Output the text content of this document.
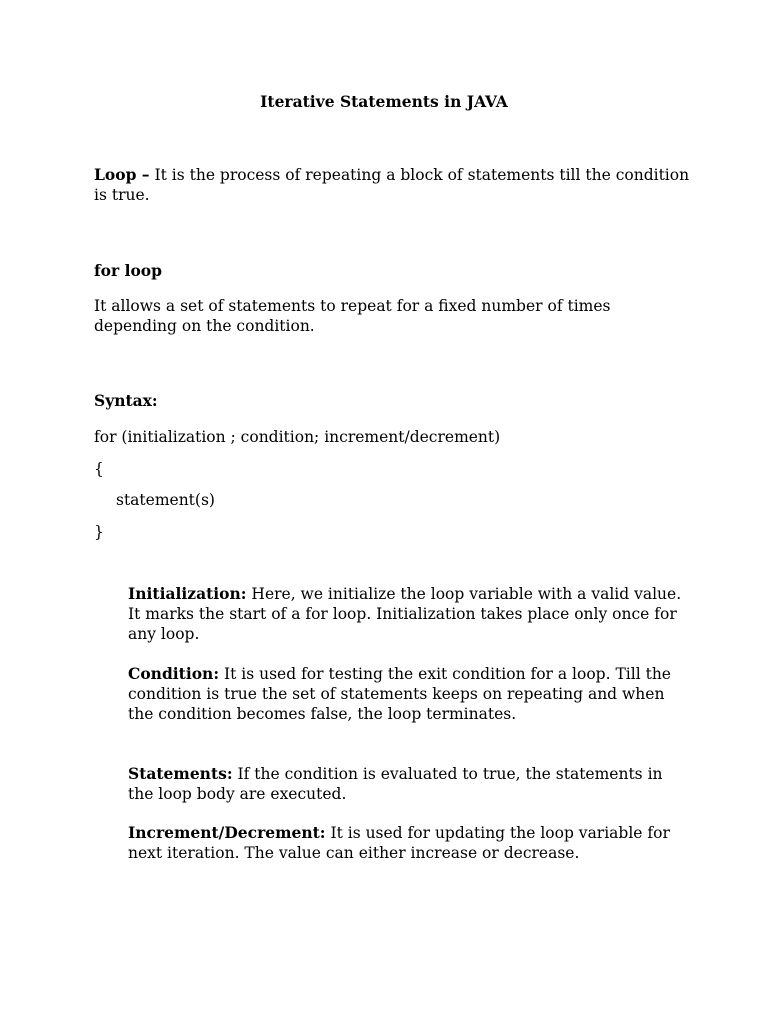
Iterative Statements in JAVA
Loop – It is the process of repeating a block of statements till the condition is true.
for loop
It allows a set of statements to repeat for a fixed number of times depending on the condition.
Syntax:
for (initialization ; condition; increment/decrement)
{
statement(s)
}
Initialization: Here, we initialize the loop variable with a valid value. It marks the start of a for loop. Initialization takes place only once for any loop.
Condition: It is used for testing the exit condition for a loop. Till the condition is true the set of statements keeps on repeating and when the condition becomes false, the loop terminates.
Statements: If the condition is evaluated to true, the statements in the loop body are executed.
Increment/Decrement: It is used for updating the loop variable for next iteration. The value can either increase or decrease.
